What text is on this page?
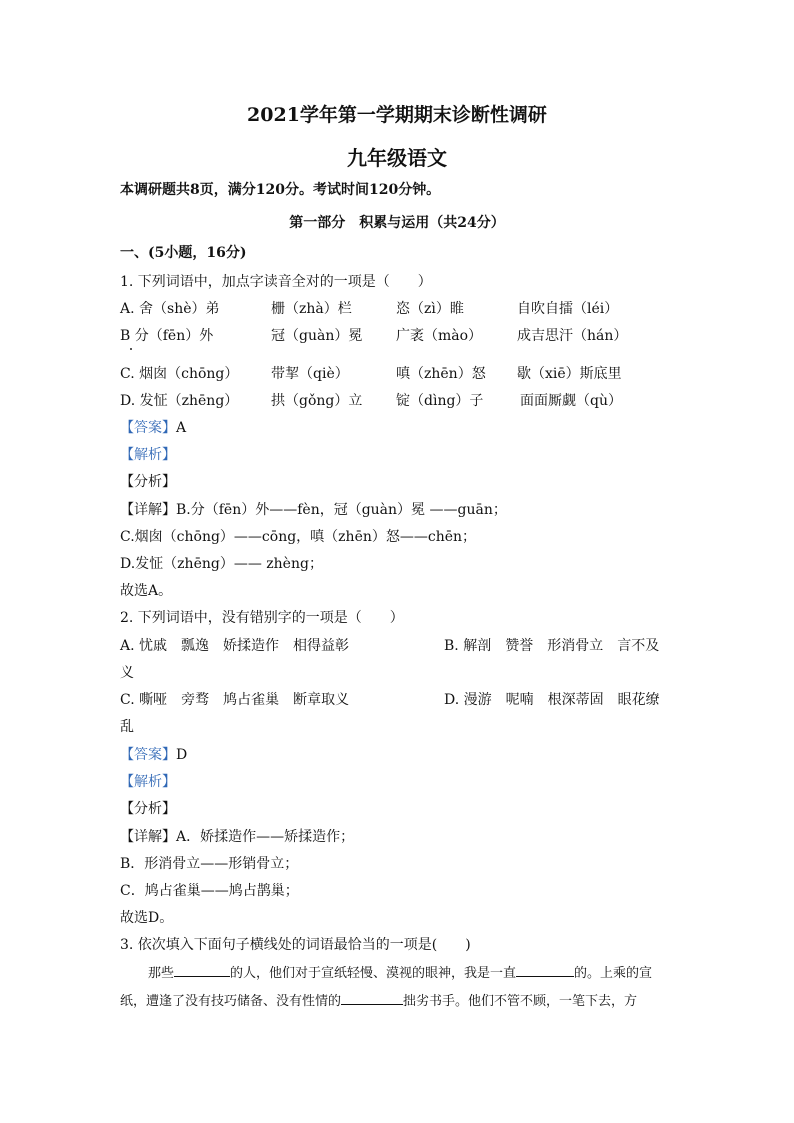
2021学年第一学期期末诊断性调研
九年级语文
本调研题共8页，满分120分。考试时间120分钟。
第一部分　积累与运用（共24分）
一、(5小题，16分)
1. 下列词语中，加点字读音全对的一项是（　　）
A. 舍（shè）弟	栅（zhà）栏	恣（zì）睢	自吹自擂（léi）
B 分（fēn）外	冠（guàn）冕 广袤（mào） 成吉思汗（hán）
C. 烟囱（chōng） 带挈（qiè）	嗔（zhēn）怒 歇（xiē）斯底里
D. 发怔（zhēng） 拱（gǒng）立 锭（dìng）子	面面厮觑（qù）
【答案】A
【解析】
【分析】
【详解】B.分（fēn）外——fèn，冠（guàn）冕 ——guān；
C.烟囱（chōng）——cōng，嗔（zhēn）怒——chēn；
D.发怔（zhēng）—— zhèng；
故选A。
2. 下列词语中，没有错别字的一项是（　　）
A. 忧戚　瓢逸　娇揉造作　相得益彰	B. 解剖　赞誉　形消骨立　言不及
义
C. 嘶哑　旁骛　鸠占雀巢　断章取义	D. 漫游　呢喃　根深蒂固　眼花缭
乱
【答案】D
【解析】
【分析】
【详解】A．娇揉造作——矫揉造作；
B．形消骨立——形销骨立；
C．鸠占雀巢——鸠占鹊巢；
故选D。
3. 依次填入下面句子横线处的词语最恰当的一项是(　　)
那些	的人，他们对于宣纸轻慢、漠视的眼神，我是一直	的。上乘的宣
纸，遭逢了没有技巧储备、没有性情的	拙劣书手。他们不管不顾，一笔下去，方
